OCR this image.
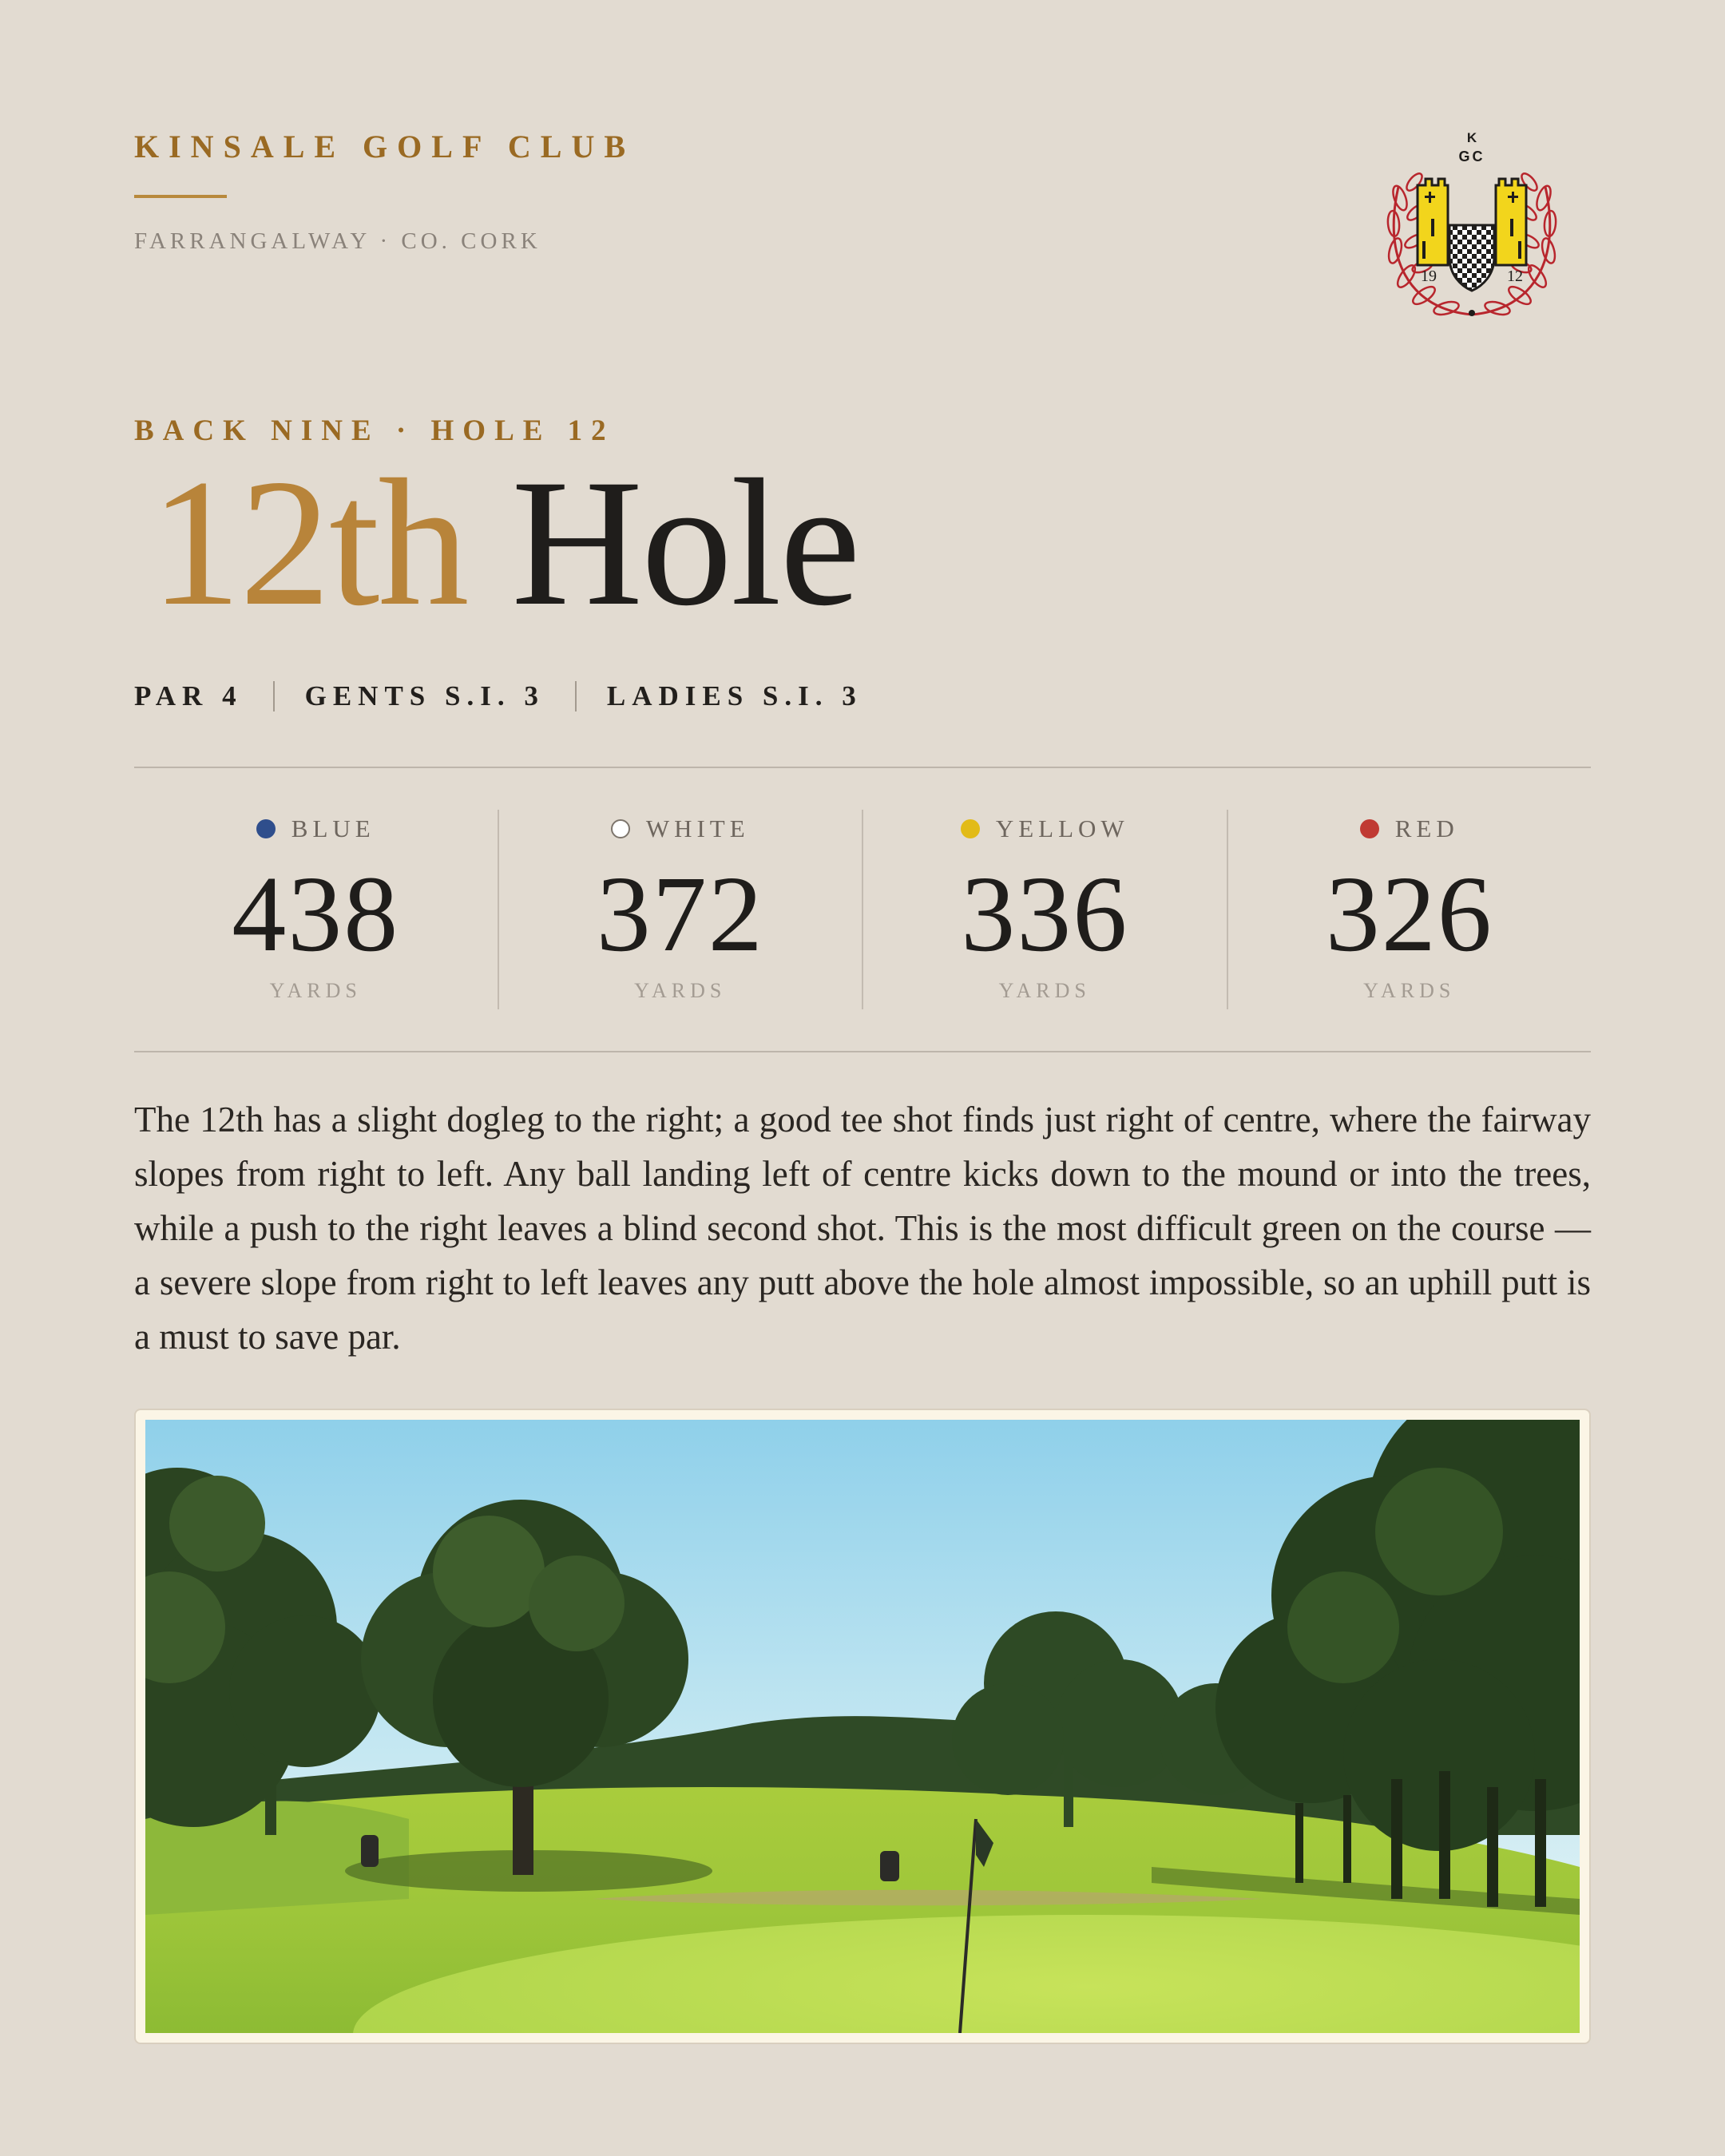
KINSALE GOLF CLUB
FARRANGALWAY · CO. CORK
K
GC
19	12
BACK NINE · HOLE 12
12th Hole
PAR 4 GENTS S.I. 3 LADIES S.I. 3
BLUE
438
YARDS
WHITE
372
YARDS
YELLOW
336
YARDS
RED
326
YARDS

The 12th has a slight dogleg to the right; a good tee shot finds just right of centre, where the fairway slopes from right to left. Any ball landing left of centre kicks down to the mound or into the trees, while a push to the right leaves a blind second shot. This is the most difficult green on the course — a severe slope from right to left leaves any putt above the hole almost impossible, so an uphill putt is a must to save par.
